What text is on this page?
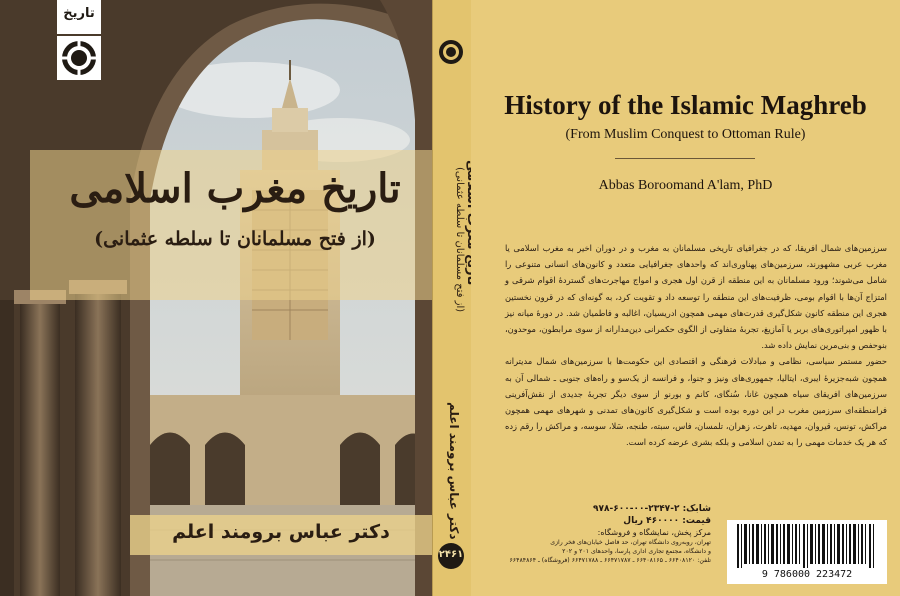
تاریخ مغرب اسلامی
(از فتح مسلمانان تا سلطه عثمانی)
تاریخ
دکتر عباس برومند اعلم
(از فتح مسلمانان تا سلطه عثمانی)
دکتر عباس برومند اعلم
۲۴۶۱
History of the Islamic Maghreb
(From Muslim Conquest to Ottoman Rule)
Abbas Boroomand A'lam, PhD

سرزمین‌های شمال افریقا، که در جغرافیای تاریخی مسلمانان به مغرب و در دوران اخیر به مغرب اسلامی یا مغرب عربی مشهورند، سرزمین‌های پهناوری‌اند که واحدهای جغرافیایی متعدد و کانون‌های انسانی متنوعی را شامل می‌شوند؛ ورود مسلمانان به این منطقه از قرن اول هجری و امواج مهاجرت‌های گستردهٔ اقوام شرقی و امتزاج آن‌ها با اقوام بومی، ظرفیت‌های این منطقه را توسعه داد و تقویت کرد، به گونه‌ای که در قرون نخستین هجری این منطقه کانون شکل‌گیری قدرت‌های مهمی همچون ادریسیان، اغالبه و فاطمیان شد. در دورهٔ میانه نیز با ظهور امپراتوری‌های بربر یا آمازیغ، تجربهٔ متفاوتی از الگوی حکمرانی دین‌مدارانه از سوی مرابطون، موحدون، بنوحفص و بنی‌مرین نمایش داده شد.

حضور مستمر سیاسی، نظامی و مبادلات فرهنگی و اقتصادی این حکومت‌ها با سرزمین‌های شمال مدیترانه همچون شبه‌جزیرهٔ ایبری، ایتالیا، جمهوری‌های ونیز و جنوا، و فرانسه از یک‌سو و راه‌های جنوبی ـ شمالی آن به سرزمین‌های افریقای سیاه همچون غانا، سُنگای، کانم و بورنو از سوی دیگر تجربهٔ جدیدی از نقش‌آفرینی فرامنطقه‌ای سرزمین مغرب در این دوره بوده است و شکل‌گیری کانون‌های تمدنی و شهرهای مهمی همچون مراکش، تونس، قیروان، مهدیه، تاهرت، زهران، تلمسان، فاس، سبته، طنجه، سَلا، سوسه، و مراکش را رقم زده که هر یک خدمات مهمی را به تمدن اسلامی و بلکه بشری عرضه کرده است.

شابک: ۲-۲۳۴۷-۰۰-۶۰۰-۹۷۸
قیمت: ۴۶۰۰۰۰ ریال
مرکز پخش، نمایشگاه و فروشگاه:
تهران، روبه‌روی دانشگاه تهران، حد فاصل خیابان‌های فخر رازی
و دانشگاه، مجتمع تجاری اداری پارسا، واحدهای ۲۰۱ و ۲۰۲
تلفن: ۶۶۴۰۸۱۲۰ ـ ۶۶۴۰۸۱۶۵ ـ ۶۶۴۷۱۷۸۷ ـ ۶۶۴۷۱۷۸۸ (فروشگاه) ـ ۶۶۴۸۴۸۶۴
9 786000 223472
